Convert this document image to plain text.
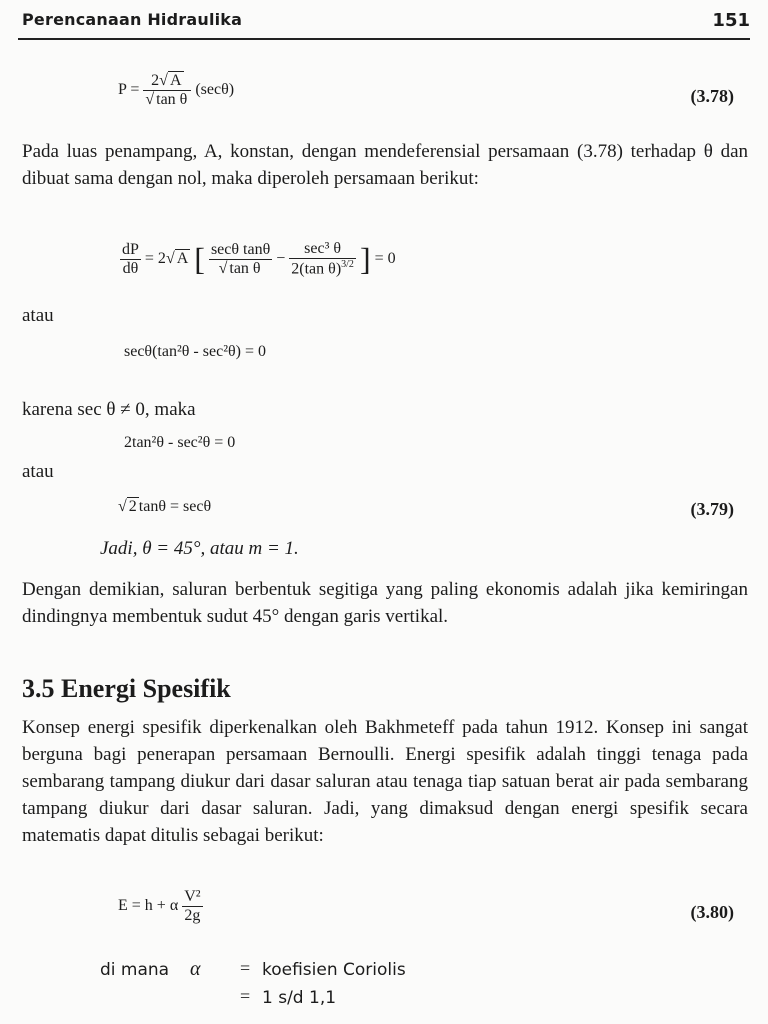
Perencanaan Hidraulika	151
$P = \frac{2√ A}{\text{√ tan θ}} (\sec\theta)$	(3.78)
Pada luas penampang, A, konstan, dengan mendeferensial persamaan (3.78) terhadap θ dan dibuat sama dengan nol, maka diperoleh persamaan berikut:
$\frac{dP}{d\theta} = 2√$ A [ $\frac{\text{secθ tanθ}}{\text{√ tan θ}} - \frac{\text{sec³ θ}}{2(\tan \theta)^{3/2}}$ ] = 0
atau
secθ(tan²θ - sec²θ) = 0
karena sec θ ≠ 0, maka
2tan²θ - sec²θ = 0
atau
√ 2 tanθ = secθ	(3.79)
Jadi, θ = 45°, atau m = 1.
Dengan demikian, saluran berbentuk segitiga yang paling ekonomis adalah jika kemiringan dindingnya membentuk sudut 45° dengan garis vertikal.
3.5 Energi Spesifik
Konsep energi spesifik diperkenalkan oleh Bakhmeteff pada tahun 1912. Konsep ini sangat berguna bagi penerapan persamaan Bernoulli. Energi spesifik adalah tinggi tenaga pada sembarang tampang diukur dari dasar saluran atau tenaga tiap satuan berat air pada sembarang tampang diukur dari dasar saluran. Jadi, yang dimaksud dengan energi spesifik secara matematis dapat ditulis sebagai berikut:
E = h + α $\frac{\text{V²}}{2g}$	(3.80)
di mana α = koefisien Coriolis
= 1 s/d 1,1
